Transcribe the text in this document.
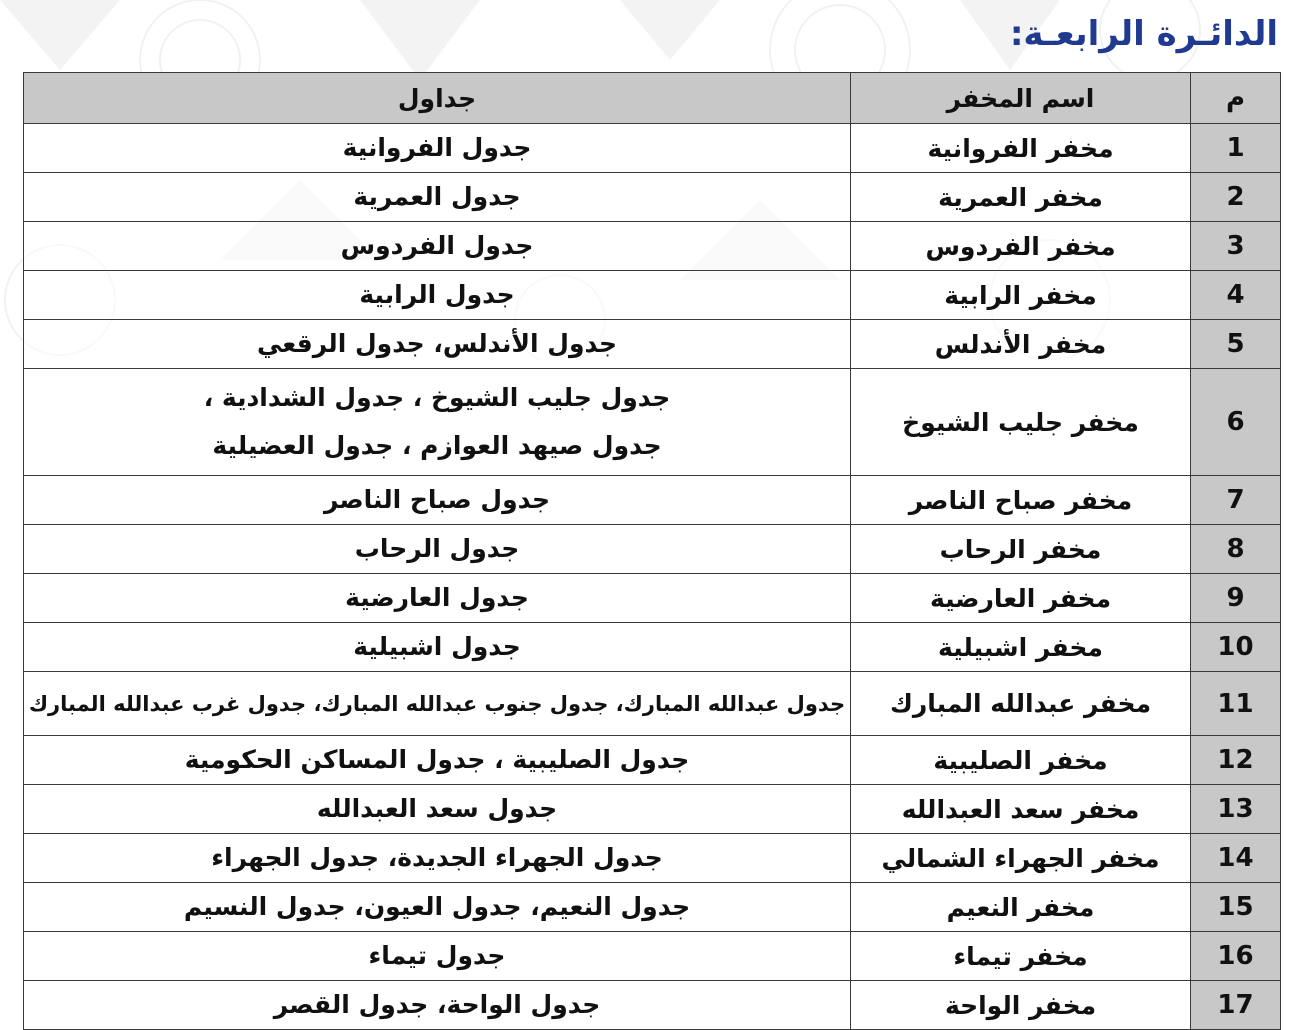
الدائـرة الرابعـة:
م	اسم المخفر	جداول
1	مخفر الفروانية	جدول الفروانية

2	مخفر العمرية	جدول العمرية

3	مخفر الفردوس	جدول الفردوس

4	مخفر الرابية	جدول الرابية

5	مخفر الأندلس	جدول الأندلس، جدول الرقعي

6	مخفر جليب الشيوخ	جدول جليب الشيوخ ، جدول الشدادية ،
جدول صيهد العوازم ، جدول العضيلية

7	مخفر صباح الناصر	جدول صباح الناصر

8	مخفر الرحاب	جدول الرحاب

9	مخفر العارضية	جدول العارضية

10	مخفر اشبيلية	جدول اشبيلية

11	مخفر عبدالله المبارك	جدول عبدالله المبارك، جدول جنوب عبدالله المبارك، جدول غرب عبدالله المبارك

12	مخفر الصليبية	جدول الصليبية ، جدول المساكن الحكومية

13	مخفر سعد العبدالله	جدول سعد العبدالله

14	مخفر الجهراء الشمالي	جدول الجهراء الجديدة، جدول الجهراء

15	مخفر النعيم	جدول النعيم، جدول العيون، جدول النسيم

16	مخفر تيماء	جدول تيماء

17	مخفر الواحة	جدول الواحة، جدول القصر
